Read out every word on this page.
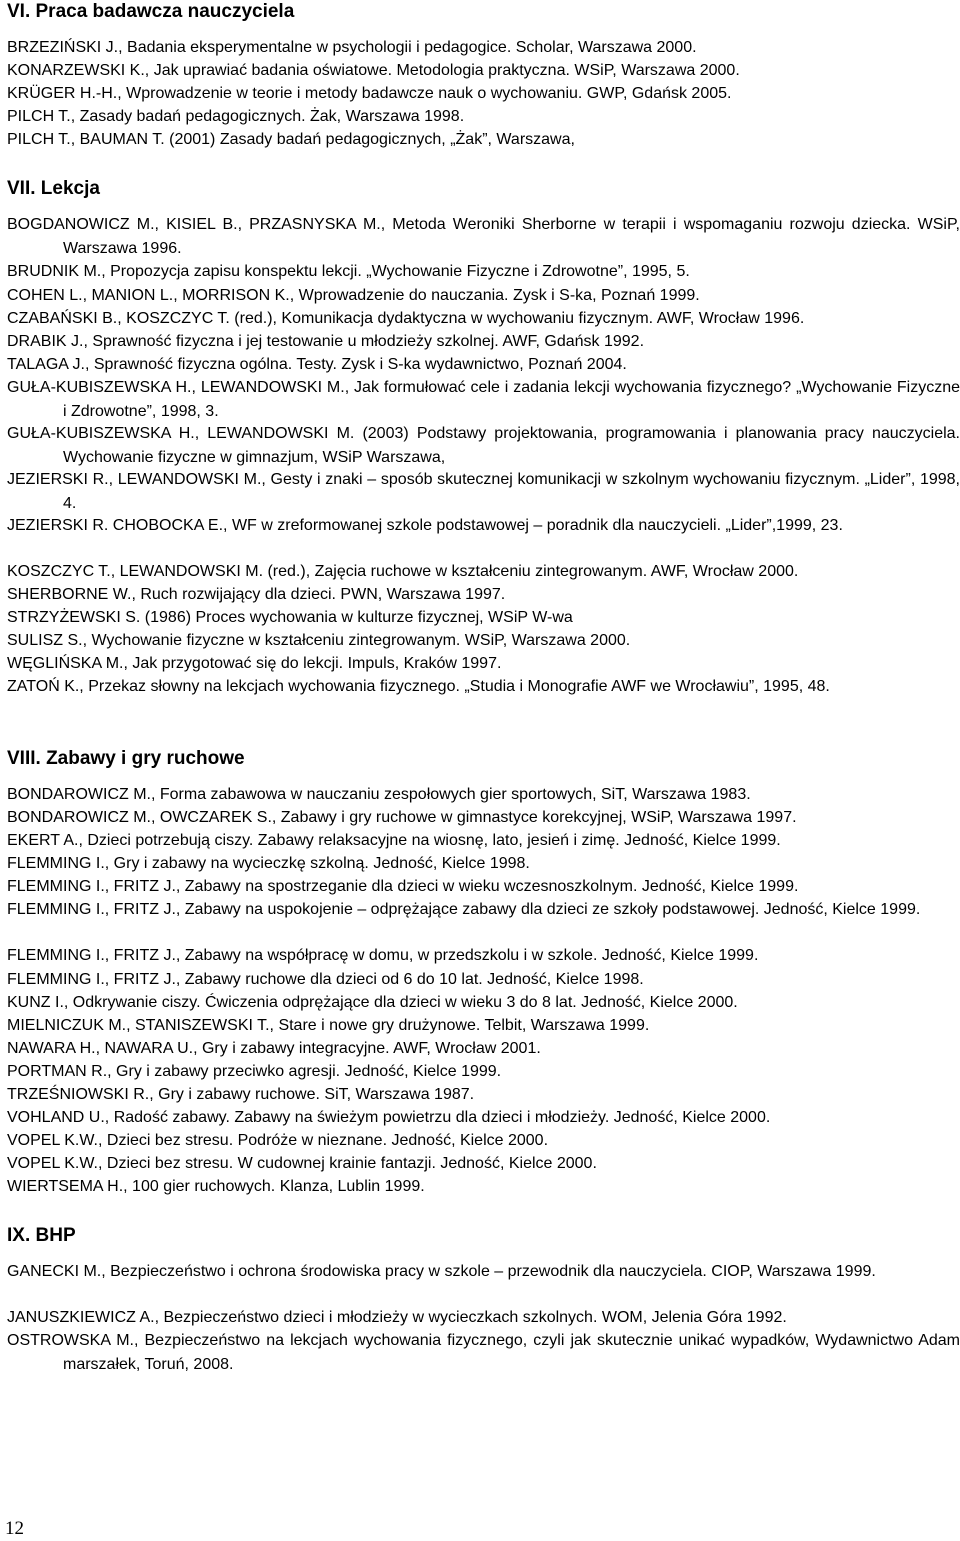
VI. Praca badawcza nauczyciela

BRZEZIŃSKI J., Badania eksperymentalne w psychologii i pedagogice. Scholar, Warszawa 2000.

KONARZEWSKI K., Jak uprawiać badania oświatowe. Metodologia praktyczna. WSiP, Warszawa 2000.

KRÜGER H.-H., Wprowadzenie w teorie i metody badawcze nauk o wychowaniu. GWP, Gdańsk 2005.

PILCH T., Zasady badań pedagogicznych. Żak, Warszawa 1998.

PILCH T., BAUMAN T. (2001) Zasady badań pedagogicznych, „Żak”, Warszawa,

VII. Lekcja

BOGDANOWICZ M., KISIEL B., PRZASNYSKA M., Metoda Weroniki Sherborne w terapii i wspomaganiu rozwoju dziecka. WSiP, Warszawa 1996.

BRUDNIK M., Propozycja zapisu konspektu lekcji. „Wychowanie Fizyczne i Zdrowotne”, 1995, 5.

COHEN L., MANION L., MORRISON K., Wprowadzenie do nauczania. Zysk i S-ka, Poznań 1999.

CZABAŃSKI B., KOSZCZYC T. (red.), Komunikacja dydaktyczna w wychowaniu fizycznym. AWF, Wrocław 1996.

DRABIK J., Sprawność fizyczna i jej testowanie u młodzieży szkolnej. AWF, Gdańsk 1992.

TALAGA J., Sprawność fizyczna ogólna. Testy. Zysk i S-ka wydawnictwo, Poznań 2004.

GUŁA-KUBISZEWSKA H., LEWANDOWSKI M., Jak formułować cele i zadania lekcji wychowania fizycznego? „Wychowanie Fizyczne i Zdrowotne”, 1998, 3.

GUŁA-KUBISZEWSKA H., LEWANDOWSKI M. (2003) Podstawy projektowania, programowania i planowania pracy nauczyciela. Wychowanie fizyczne w gimnazjum, WSiP Warszawa,

JEZIERSKI R., LEWANDOWSKI M., Gesty i znaki – sposób skutecznej komunikacji w szkolnym wychowaniu fizycznym. „Lider”, 1998, 4.

JEZIERSKI R. CHOBOCKA E., WF w zreformowanej szkole podstawowej – poradnik dla nauczycieli. „Lider”,1999, 23.

KOSZCZYC T., LEWANDOWSKI M. (red.), Zajęcia ruchowe w kształceniu zintegrowanym. AWF, Wrocław 2000.

SHERBORNE W., Ruch rozwijający dla dzieci. PWN, Warszawa 1997.

STRZYŻEWSKI S. (1986) Proces wychowania w kulturze fizycznej, WSiP W-wa

SULISZ S., Wychowanie fizyczne w kształceniu zintegrowanym. WSiP, Warszawa 2000.

WĘGLIŃSKA M., Jak przygotować się do lekcji. Impuls, Kraków 1997.

ZATOŃ K., Przekaz słowny na lekcjach wychowania fizycznego. „Studia i Monografie AWF we Wrocławiu”, 1995, 48.

VIII. Zabawy i gry ruchowe

BONDAROWICZ M., Forma zabawowa w nauczaniu zespołowych gier sportowych, SiT, Warszawa 1983.

BONDAROWICZ M., OWCZAREK S., Zabawy i gry ruchowe w gimnastyce korekcyjnej, WSiP, Warszawa 1997.

EKERT A., Dzieci potrzebują ciszy. Zabawy relaksacyjne na wiosnę, lato, jesień i zimę. Jedność, Kielce 1999.

FLEMMING I., Gry i zabawy na wycieczkę szkolną. Jedność, Kielce 1998.

FLEMMING I., FRITZ J., Zabawy na spostrzeganie dla dzieci w wieku wczesnoszkolnym. Jedność, Kielce 1999.

FLEMMING I., FRITZ J., Zabawy na uspokojenie – odprężające zabawy dla dzieci ze szkoły podstawowej. Jedność, Kielce 1999.

FLEMMING I., FRITZ J., Zabawy na współpracę w domu, w przedszkolu i w szkole. Jedność, Kielce 1999.

FLEMMING I., FRITZ J., Zabawy ruchowe dla dzieci od 6 do 10 lat. Jedność, Kielce 1998.

KUNZ I., Odkrywanie ciszy. Ćwiczenia odprężające dla dzieci w wieku 3 do 8 lat. Jedność, Kielce 2000.

MIELNICZUK M., STANISZEWSKI T., Stare i nowe gry drużynowe. Telbit, Warszawa 1999.

NAWARA H., NAWARA U., Gry i zabawy integracyjne. AWF, Wrocław 2001.

PORTMAN R., Gry i zabawy przeciwko agresji. Jedność, Kielce 1999.

TRZEŚNIOWSKI R., Gry i zabawy ruchowe. SiT, Warszawa 1987.

VOHLAND U., Radość zabawy. Zabawy na świeżym powietrzu dla dzieci i młodzieży. Jedność, Kielce 2000.

VOPEL K.W., Dzieci bez stresu. Podróże w nieznane. Jedność, Kielce 2000.

VOPEL K.W., Dzieci bez stresu. W cudownej krainie fantazji. Jedność, Kielce 2000.

WIERTSEMA H., 100 gier ruchowych. Klanza, Lublin 1999.

IX. BHP

GANECKI M., Bezpieczeństwo i ochrona środowiska pracy w szkole – przewodnik dla nauczyciela. CIOP, Warszawa 1999.

JANUSZKIEWICZ A., Bezpieczeństwo dzieci i młodzieży w wycieczkach szkolnych. WOM, Jelenia Góra 1992.

OSTROWSKA M., Bezpieczeństwo na lekcjach wychowania fizycznego, czyli jak skutecznie unikać wypadków, Wydawnictwo Adam marszałek, Toruń, 2008.

12
